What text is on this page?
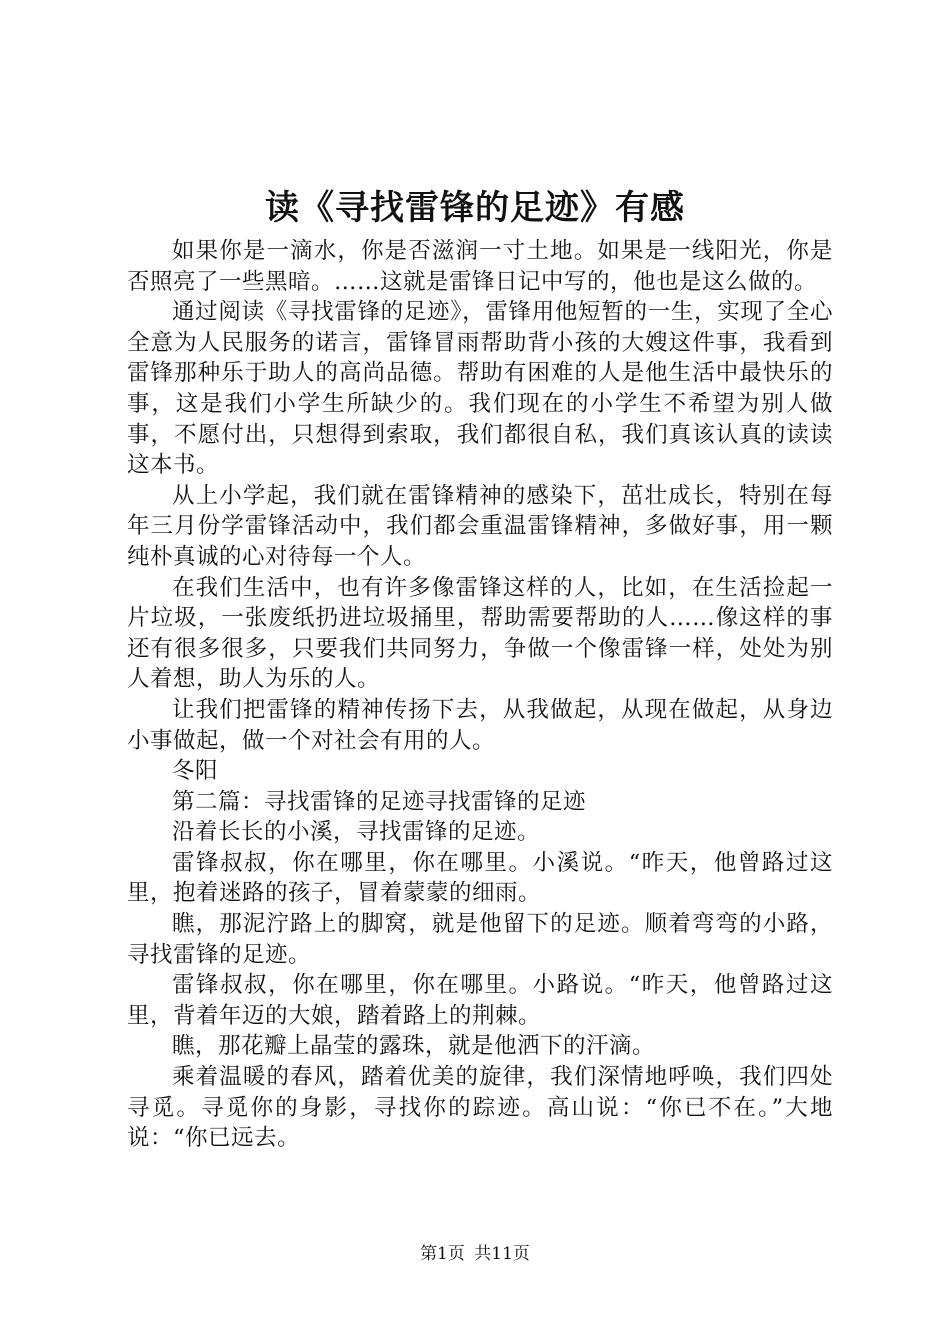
读《寻找雷锋的足迹》有感

如果你是一滴水，你是否滋润一寸土地。如果是一线阳光，你是否照亮了一些黑暗。……这就是雷锋日记中写的，他也是这么做的。

通过阅读《寻找雷锋的足迹》，雷锋用他短暂的一生，实现了全心全意为人民服务的诺言，雷锋冒雨帮助背小孩的大嫂这件事，我看到雷锋那种乐于助人的高尚品德。帮助有困难的人是他生活中最快乐的事，这是我们小学生所缺少的。我们现在的小学生不希望为别人做事，不愿付出，只想得到索取，我们都很自私，我们真该认真的读读这本书。

从上小学起，我们就在雷锋精神的感染下，茁壮成长，特别在每年三月份学雷锋活动中，我们都会重温雷锋精神，多做好事，用一颗纯朴真诚的心对待每一个人。

在我们生活中，也有许多像雷锋这样的人，比如，在生活捡起一片垃圾，一张废纸扔进垃圾捅里，帮助需要帮助的人……像这样的事还有很多很多，只要我们共同努力，争做一个像雷锋一样，处处为别人着想，助人为乐的人。

让我们把雷锋的精神传扬下去，从我做起，从现在做起，从身边小事做起，做一个对社会有用的人。

冬阳

第二篇：寻找雷锋的足迹寻找雷锋的足迹

沿着长长的小溪，寻找雷锋的足迹。

雷锋叔叔，你在哪里，你在哪里。小溪说。“昨天，他曾路过这里，抱着迷路的孩子，冒着蒙蒙的细雨。

瞧，那泥泞路上的脚窝，就是他留下的足迹。顺着弯弯的小路，寻找雷锋的足迹。

雷锋叔叔，你在哪里，你在哪里。小路说。“昨天，他曾路过这里，背着年迈的大娘，踏着路上的荆棘。

瞧，那花瓣上晶莹的露珠，就是他洒下的汗滴。

乘着温暖的春风，踏着优美的旋律，我们深情地呼唤，我们四处寻觅。寻觅你的身影，寻找你的踪迹。高山说：“你已不在。”大地说：“你已远去。

第1页 共11页
